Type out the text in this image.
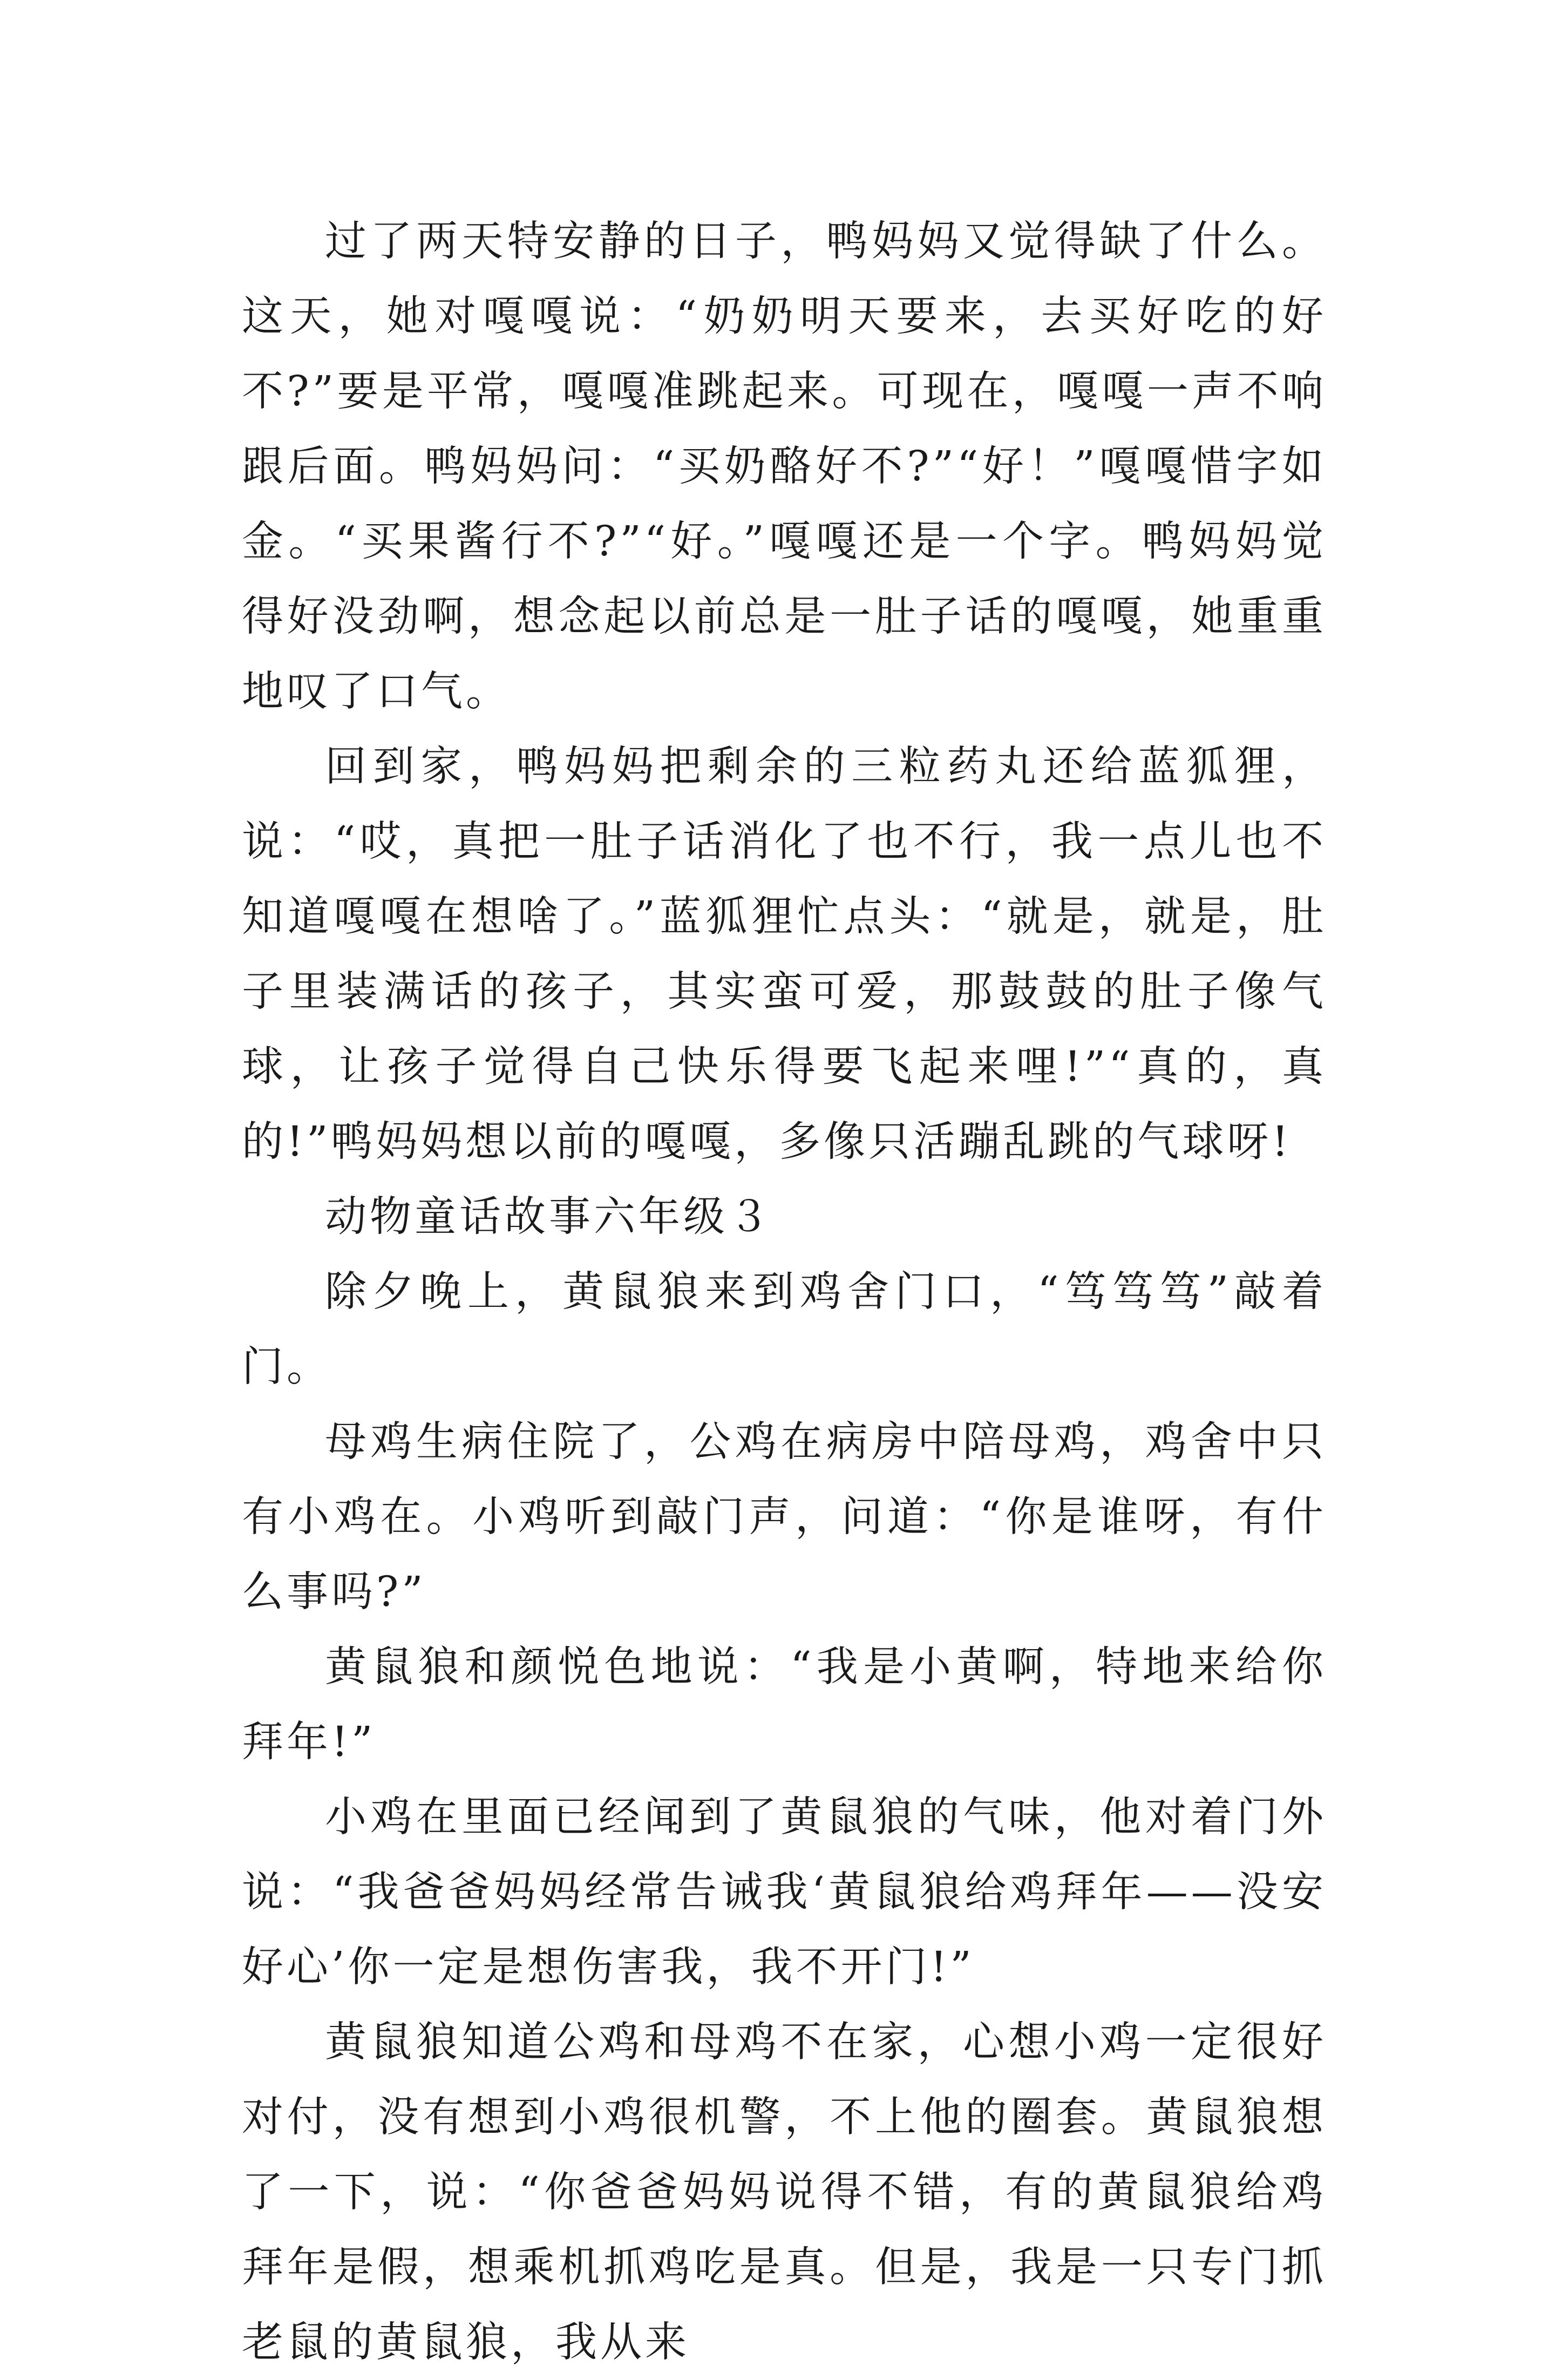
过了两天特安静的日子，鸭妈妈又觉得缺了什么。这天，她对嘎嘎说：“奶奶明天要来，去买好吃的好不?”要是平常，嘎嘎准跳起来。可现在，嘎嘎一声不响跟后面。鸭妈妈问：“买奶酪好不?”“好！”嘎嘎惜字如金。“买果酱行不?”“好。”嘎嘎还是一个字。鸭妈妈觉得好没劲啊，想念起以前总是一肚子话的嘎嘎，她重重地叹了口气。

回到家，鸭妈妈把剩余的三粒药丸还给蓝狐狸，说：“哎，真把一肚子话消化了也不行，我一点儿也不知道嘎嘎在想啥了。”蓝狐狸忙点头：“就是，就是，肚子里装满话的孩子，其实蛮可爱，那鼓鼓的肚子像气球，让孩子觉得自己快乐得要飞起来哩!”“真的，真的!”鸭妈妈想以前的嘎嘎，多像只活蹦乱跳的气球呀!

动物童话故事六年级３

除夕晚上，黄鼠狼来到鸡舍门口，“笃笃笃”敲着门。

母鸡生病住院了，公鸡在病房中陪母鸡，鸡舍中只有小鸡在。小鸡听到敲门声，问道：“你是谁呀，有什么事吗?”

黄鼠狼和颜悦色地说：“我是小黄啊，特地来给你拜年!”

小鸡在里面已经闻到了黄鼠狼的气味，他对着门外说：“我爸爸妈妈经常告诫我‘黄鼠狼给鸡拜年——没安好心’你一定是想伤害我，我不开门!”

黄鼠狼知道公鸡和母鸡不在家，心想小鸡一定很好对付，没有想到小鸡很机警，不上他的圈套。黄鼠狼想了一下，说：“你爸爸妈妈说得不错，有的黄鼠狼给鸡拜年是假，想乘机抓鸡吃是真。但是，我是一只专门抓老鼠的黄鼠狼，我从来
